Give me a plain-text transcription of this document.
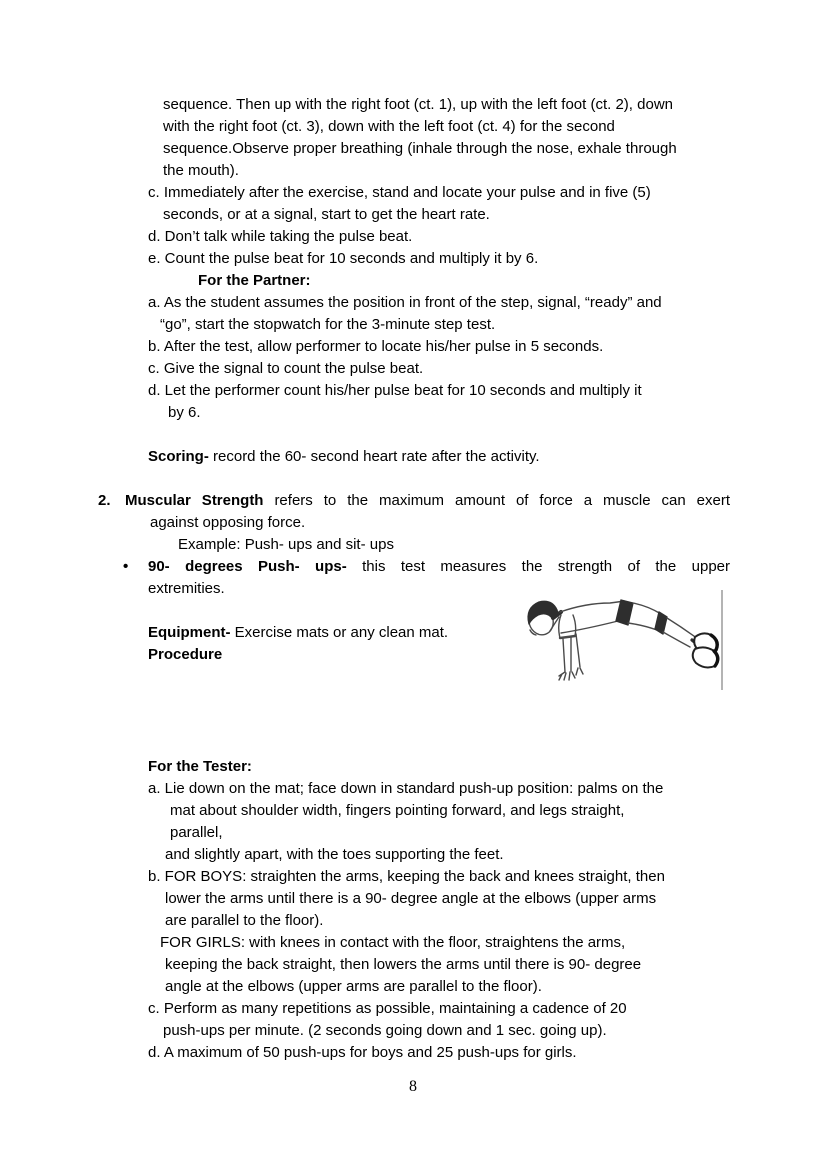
sequence. Then up with the right foot (ct. 1), up with the left foot (ct. 2), down
with the right foot (ct. 3), down with the left foot (ct. 4) for the second
sequence.Observe proper breathing (inhale through the nose, exhale through
the mouth).
c. Immediately after the exercise, stand and locate your pulse and in five (5)
seconds, or at a signal, start to get the heart rate.
d. Don’t talk while taking the pulse beat.
e. Count the pulse beat for 10 seconds and multiply it by 6.
For the Partner:
a. As the student assumes the position in front of the step, signal, “ready” and
“go”, start the stopwatch for the 3-minute step test.
b. After the test, allow performer to locate his/her pulse in 5 seconds.
c. Give the signal to count the pulse beat.
d. Let the performer count his/her pulse beat for 10 seconds and multiply it
by 6.
Scoring- record the 60- second heart rate after the activity.
2. Muscular Strength refers to the maximum amount of force a muscle can exert
against opposing force.
Example: Push- ups and sit- ups
• 90- degrees Push- ups- this test measures the strength of the upper
extremities.
Equipment- Exercise mats or any clean mat.
Procedure
For the Tester:
a. Lie down on the mat; face down in standard push-up position: palms on the
mat about shoulder width, fingers pointing forward, and legs straight,
parallel,
and slightly apart, with the toes supporting the feet.
b. FOR BOYS: straighten the arms, keeping the back and knees straight, then
lower the arms until there is a 90- degree angle at the elbows (upper arms
are parallel to the floor).
FOR GIRLS: with knees in contact with the floor, straightens the arms,
keeping the back straight, then lowers the arms until there is 90- degree
angle at the elbows (upper arms are parallel to the floor).
c. Perform as many repetitions as possible, maintaining a cadence of 20
push-ups per minute. (2 seconds going down and 1 sec. going up).
d. A maximum of 50 push-ups for boys and 25 push-ups for girls.
8
